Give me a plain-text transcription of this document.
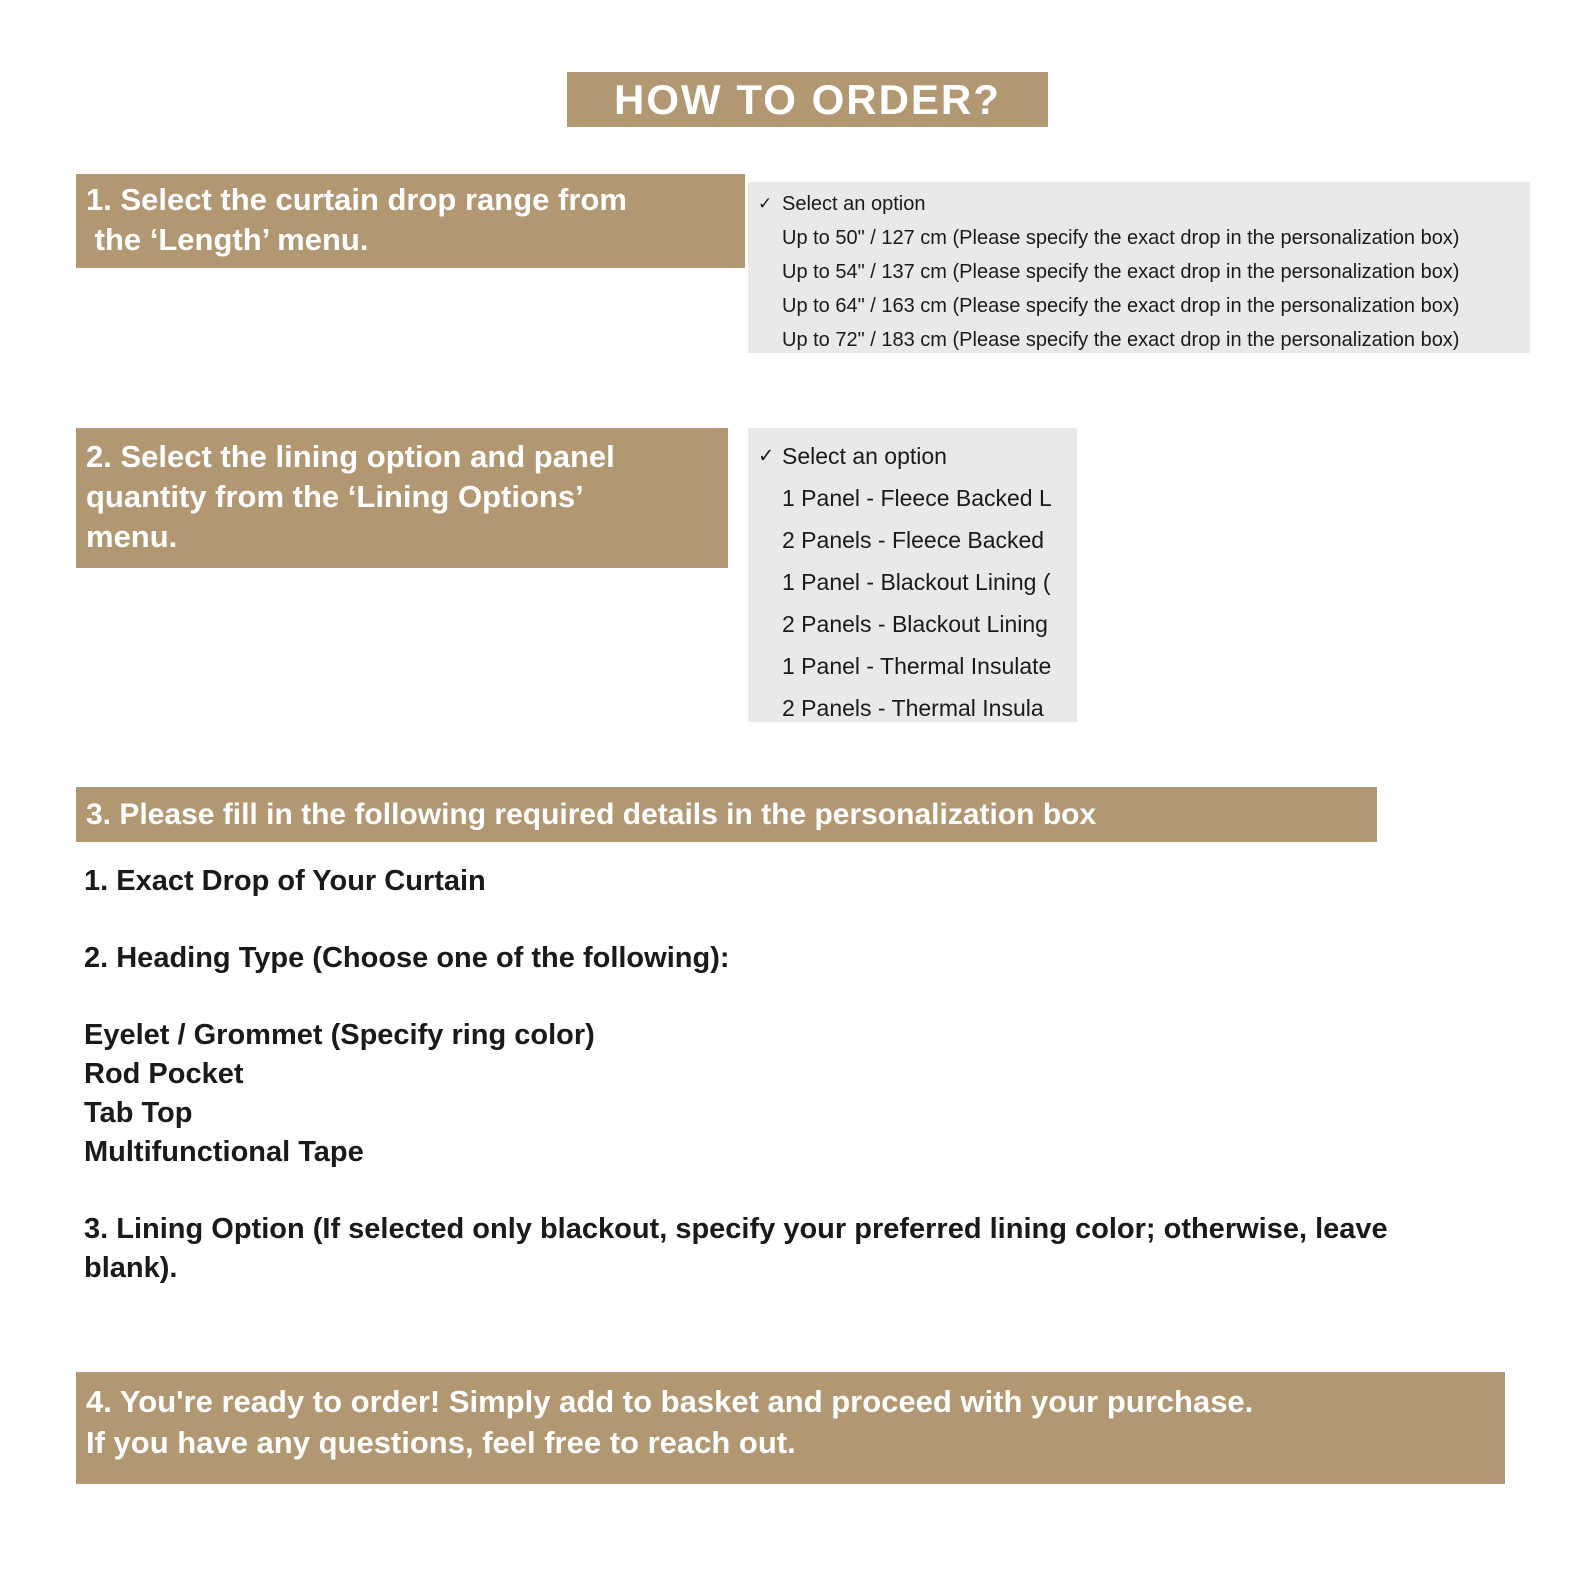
HOW TO ORDER?
1. Select the curtain drop range from
the ‘Length’ menu.
✓ Select an option
Up to 50" / 127 cm (Please specify the exact drop in the personalization box)
Up to 54" / 137 cm (Please specify the exact drop in the personalization box)
Up to 64" / 163 cm (Please specify the exact drop in the personalization box)
Up to 72" / 183 cm (Please specify the exact drop in the personalization box)
2. Select the lining option and panel
quantity from the ‘Lining Options’
menu.
✓ Select an option
1 Panel - Fleece Backed L
2 Panels - Fleece Backed
1 Panel - Blackout Lining (
2 Panels - Blackout Lining
1 Panel - Thermal Insulate
2 Panels - Thermal Insula
3. Please fill in the following required details in the personalization box

1. Exact Drop of Your Curtain

2. Heading Type (Choose one of the following):

Eyelet / Grommet (Specify ring color)

Rod Pocket

Tab Top

Multifunctional Tape

3. Lining Option (If selected only blackout, specify your preferred lining color; otherwise, leave blank).

4. You're ready to order! Simply add to basket and proceed with your purchase.
If you have any questions, feel free to reach out.
